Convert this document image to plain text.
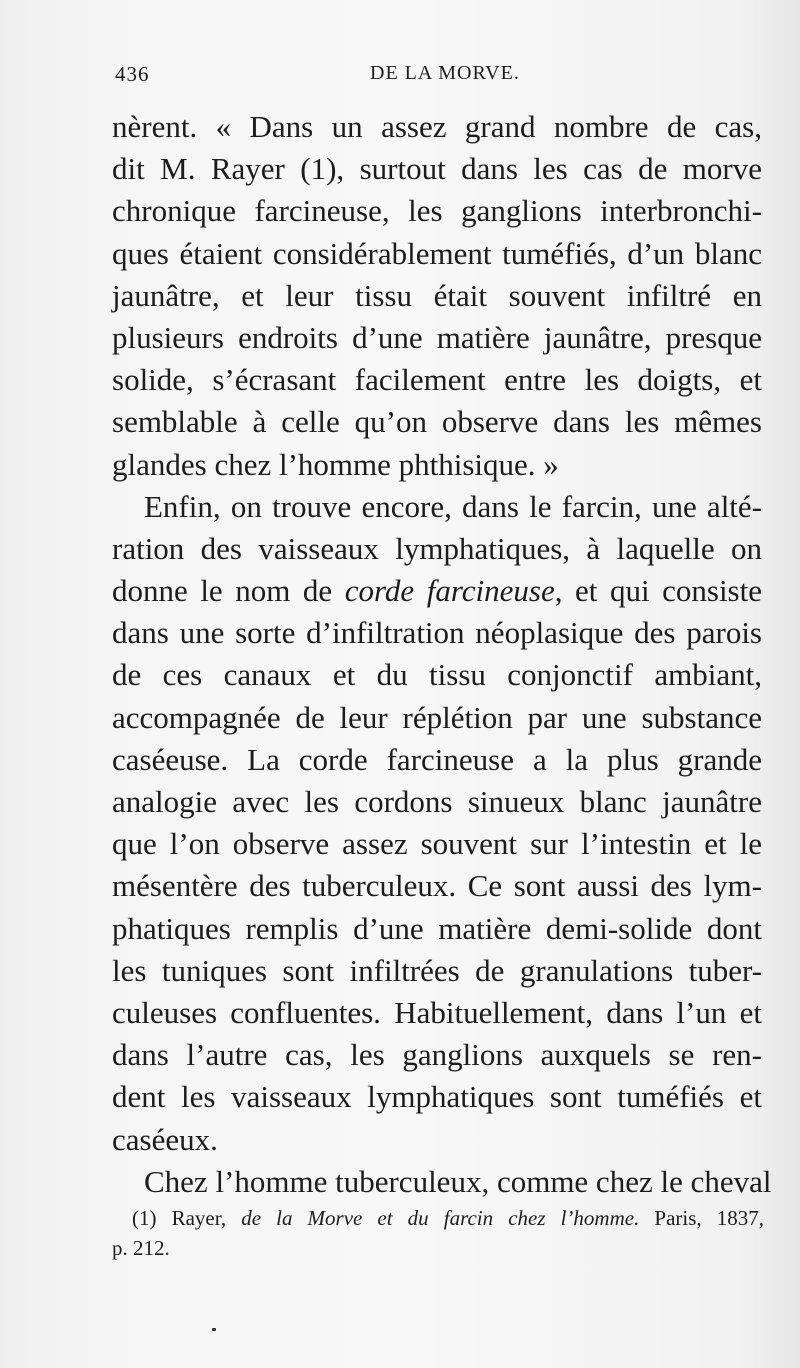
436	DE LA MORVE.
nèrent. « Dans un assez grand nombre de cas,
dit M. Rayer (1), surtout dans les cas de morve
chronique farcineuse, les ganglions interbronchi-
ques étaient considérablement tuméfiés, d’un blanc
jaunâtre, et leur tissu était souvent infiltré en
plusieurs endroits d’une matière jaunâtre, presque
solide, s’écrasant facilement entre les doigts, et
semblable à celle qu’on observe dans les mêmes
glandes chez l’homme phthisique. »
Enfin, on trouve encore, dans le farcin, une alté-
ration des vaisseaux lymphatiques, à laquelle on
donne le nom de corde farcineuse, et qui consiste
dans une sorte d’infiltration néoplasique des parois
de ces canaux et du tissu conjonctif ambiant,
accompagnée de leur réplétion par une substance
caséeuse. La corde farcineuse a la plus grande
analogie avec les cordons sinueux blanc jaunâtre
que l’on observe assez souvent sur l’intestin et le
mésentère des tuberculeux. Ce sont aussi des lym-
phatiques remplis d’une matière demi-solide dont
les tuniques sont infiltrées de granulations tuber-
culeuses confluentes. Habituellement, dans l’un et
dans l’autre cas, les ganglions auxquels se ren-
dent les vaisseaux lymphatiques sont tuméfiés et
caséeux.
Chez l’homme tuberculeux, comme chez le cheval
(1) Rayer, de la Morve et du farcin chez l’homme. Paris, 1837,
p. 212.
